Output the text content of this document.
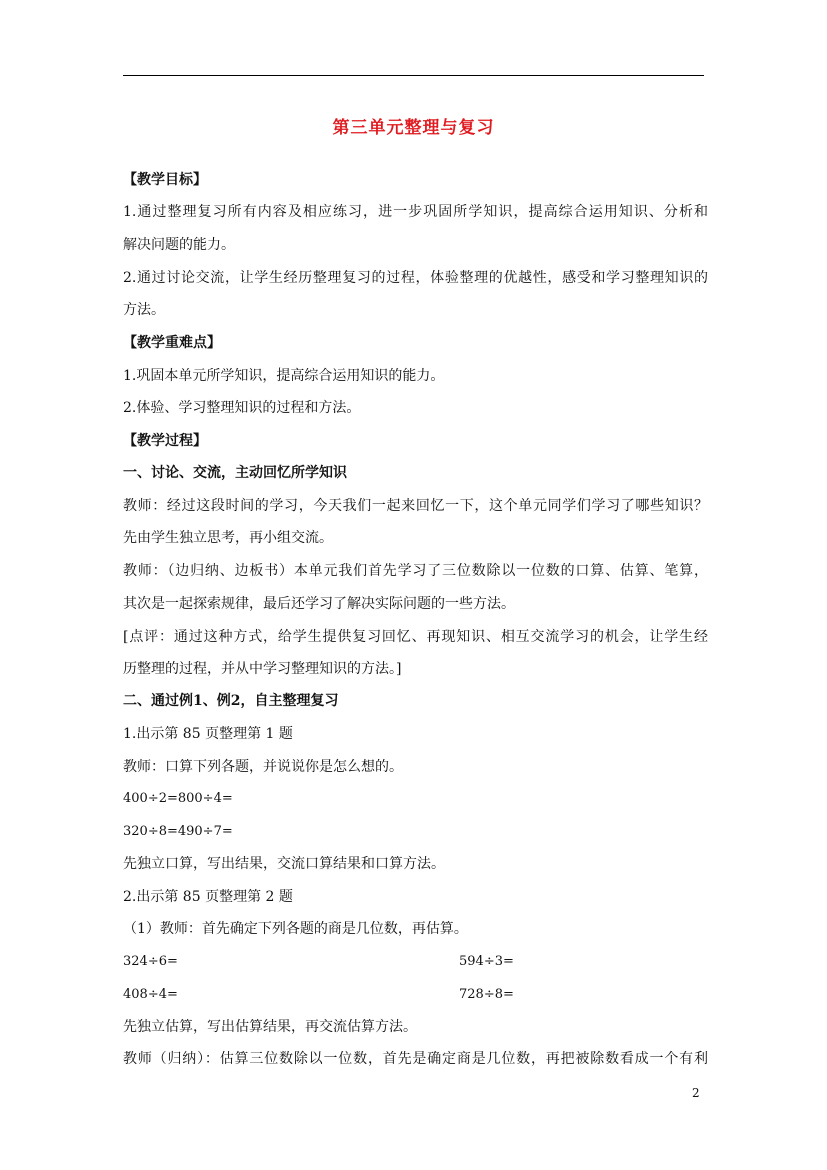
第三单元整理与复习
【教学目标】
1.通过整理复习所有内容及相应练习，进一步巩固所学知识，提高综合运用知识、分析和
解决问题的能力。
2.通过讨论交流，让学生经历整理复习的过程，体验整理的优越性，感受和学习整理知识的
方法。
【教学重难点】
1.巩固本单元所学知识，提高综合运用知识的能力。
2.体验、学习整理知识的过程和方法。
【教学过程】
一、讨论、交流，主动回忆所学知识
教师：经过这段时间的学习，今天我们一起来回忆一下，这个单元同学们学习了哪些知识？
先由学生独立思考，再小组交流。
教师：（边归纳、边板书）本单元我们首先学习了三位数除以一位数的口算、估算、笔算，
其次是一起探索规律，最后还学习了解决实际问题的一些方法。
[点评：通过这种方式，给学生提供复习回忆、再现知识、相互交流学习的机会，让学生经
历整理的过程，并从中学习整理知识的方法。]
二、通过例1、例2，自主整理复习
1.出示第 85 页整理第 1 题
教师：口算下列各题，并说说你是怎么想的。
400÷2=800÷4=
320÷8=490÷7=
先独立口算，写出结果，交流口算结果和口算方法。
2.出示第 85 页整理第 2 题
（1）教师：首先确定下列各题的商是几位数，再估算。
324÷6=	594÷3=
408÷4=	728÷8=
先独立估算，写出估算结果，再交流估算方法。
教师（归纳）：估算三位数除以一位数，首先是确定商是几位数，再把被除数看成一个有利
2
